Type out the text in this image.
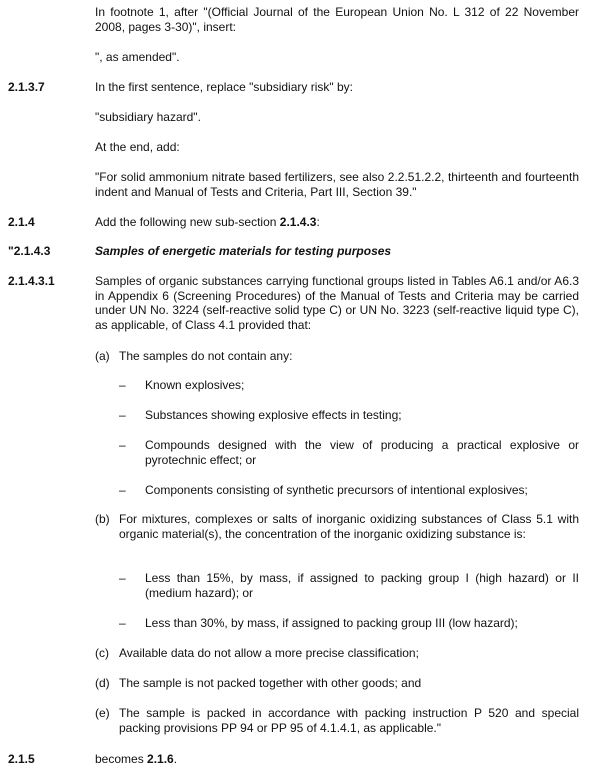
In footnote 1, after "(Official Journal of the European Union No. L 312 of 22 November 2008, pages 3-30)", insert:
", as amended".
2.1.3.7	In the first sentence, replace "subsidiary risk" by:
"subsidiary hazard".
At the end, add:
"For solid ammonium nitrate based fertilizers, see also 2.2.51.2.2, thirteenth and fourteenth indent and Manual of Tests and Criteria, Part III, Section 39."
2.1.4	Add the following new sub-section 2.1.4.3:
"2.1.4.3	Samples of energetic materials for testing purposes
2.1.4.3.1	Samples of organic substances carrying functional groups listed in Tables A6.1 and/or A6.3 in Appendix 6 (Screening Procedures) of the Manual of Tests and Criteria may be carried under UN No. 3224 (self-reactive solid type C) or UN No. 3223 (self-reactive liquid type C), as applicable, of Class 4.1 provided that:
(a) The samples do not contain any:
– Known explosives;
– Substances showing explosive effects in testing;
– Compounds designed with the view of producing a practical explosive or pyrotechnic effect; or
– Components consisting of synthetic precursors of intentional explosives;
(b) For mixtures, complexes or salts of inorganic oxidizing substances of Class 5.1 with organic material(s), the concentration of the inorganic oxidizing substance is:
– Less than 15%, by mass, if assigned to packing group I (high hazard) or II (medium hazard); or
– Less than 30%, by mass, if assigned to packing group III (low hazard);
(c) Available data do not allow a more precise classification;
(d) The sample is not packed together with other goods; and
(e) The sample is packed in accordance with packing instruction P 520 and special packing provisions PP 94 or PP 95 of 4.1.4.1, as applicable."
2.1.5	becomes 2.1.6.
